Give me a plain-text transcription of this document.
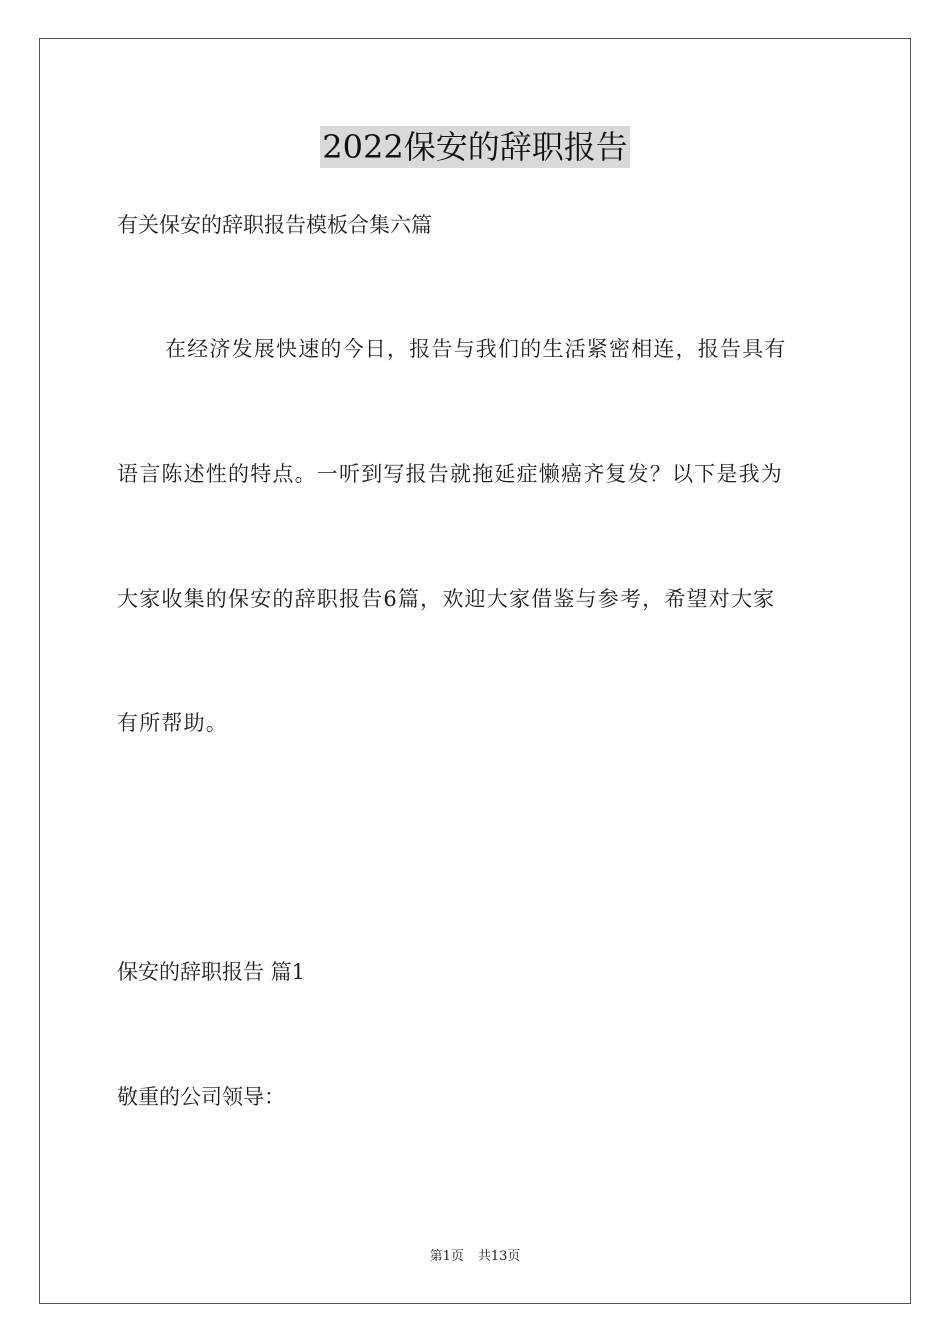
2022保安的辞职报告
有关保安的辞职报告模板合集六篇
在经济发展快速的今日，报告与我们的生活紧密相连，报告具有
语言陈述性的特点。一听到写报告就拖延症懒癌齐复发？以下是我为
大家收集的保安的辞职报告6篇，欢迎大家借鉴与参考，希望对大家
有所帮助。
保安的辞职报告 篇1
敬重的公司领导：
第1页 共13页
